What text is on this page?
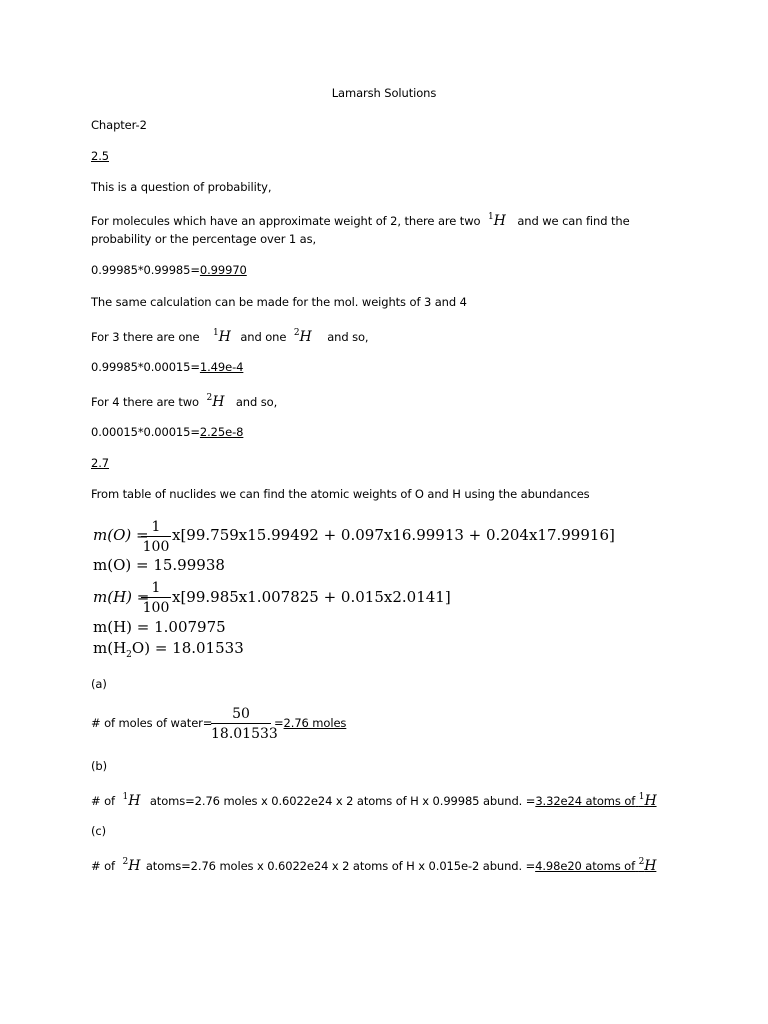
Lamarsh Solutions
Chapter-2
2.5
This is a question of probability,
For molecules which have an approximate weight of 2, there are two $^1$H and we can find the
probability or the percentage over 1 as,
0.99985*0.99985=0.99970
The same calculation can be made for the mol. weights of 3 and 4
For 3 there are one $^1$H and one $^2$H and so,
0.99985*0.00015=1.49e-4
For 4 there are two $^2$H and so,
0.00015*0.00015=2.25e-8
2.7
From table of nuclides we can find the atomic weights of O and H using the abundances
m(O) = 1
100
x[99.759x15.99492 + 0.097x16.99913 + 0.204x17.99916]
m(O) = 15.99938
m(H) = 1
100
x[99.985x1.007825 + 0.015x2.0141]
m(H) = 1.007975
$m(H_2O) = 18.01533$
(a)
# of moles of water=
50
18.01533
=2.76 moles
(b)
# of $^1$H atoms=2.76 moles x 0.6022e24 x 2 atoms of H x 0.99985 abund. =3.32e24 atoms of $^1$H
(c)
# of $^2$H atoms=2.76 moles x 0.6022e24 x 2 atoms of H x 0.015e-2 abund. =4.98e20 atoms of $^2$H
